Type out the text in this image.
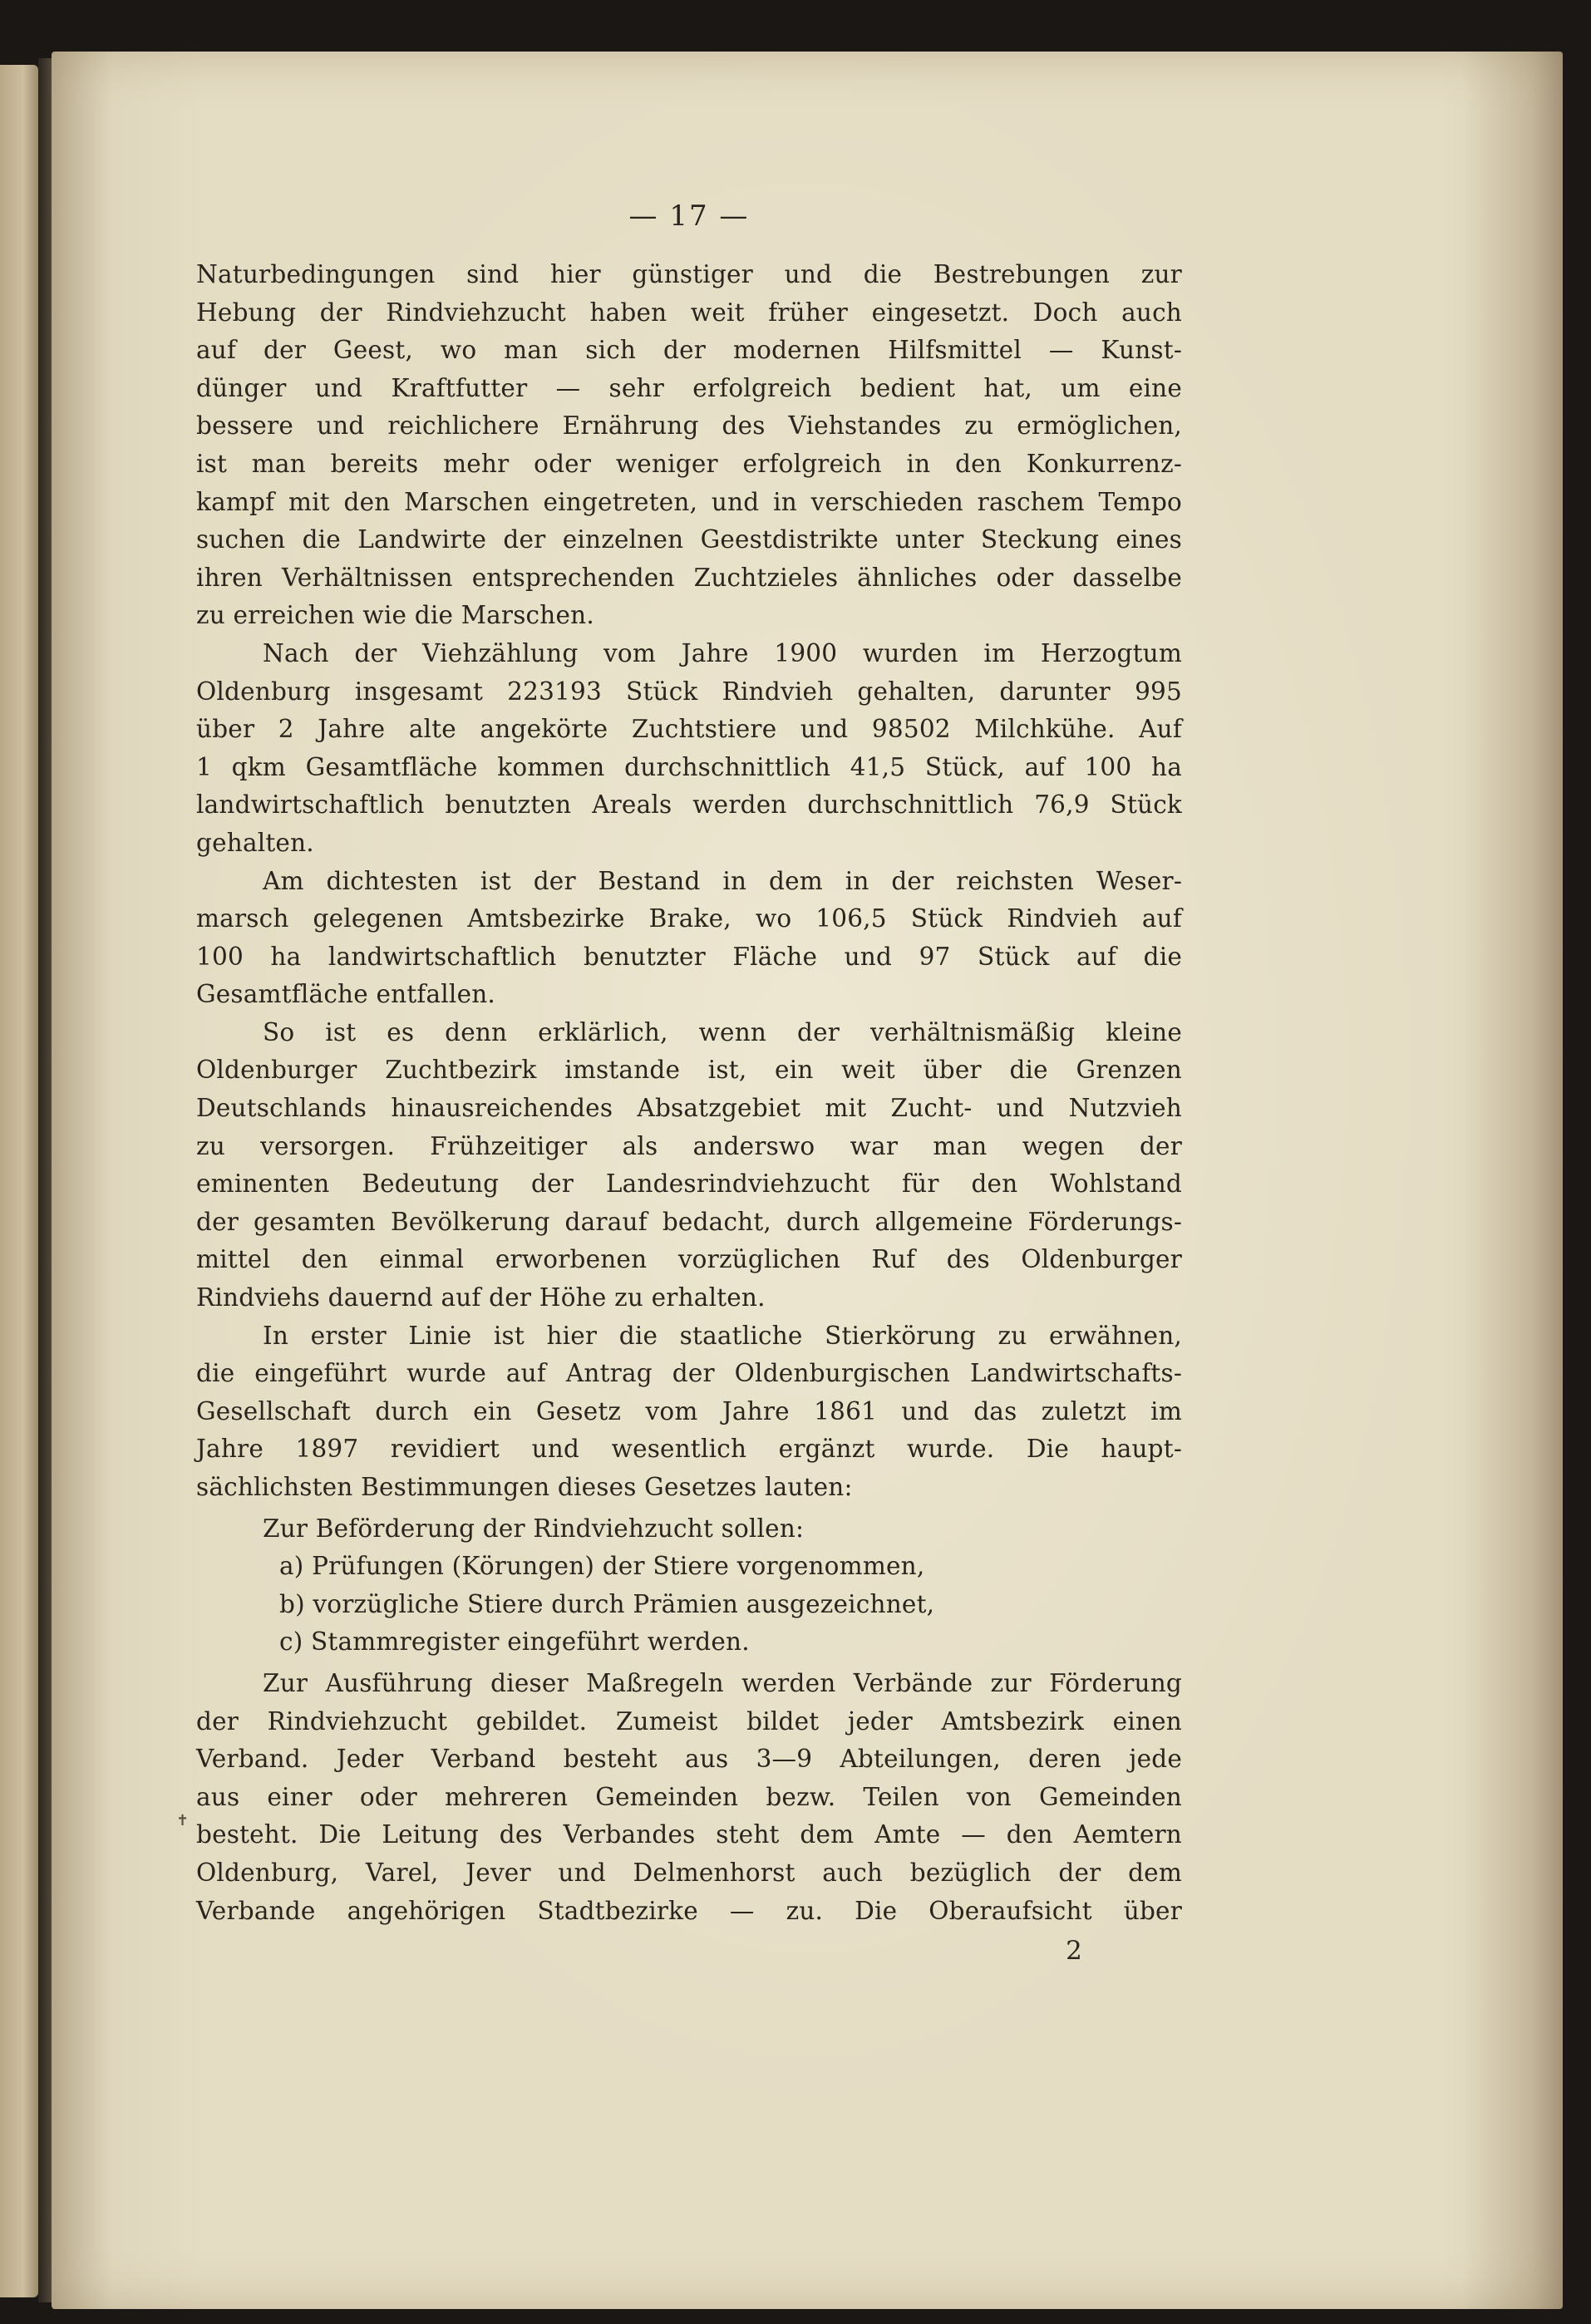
✝
— 17 —
Naturbedingungen sind hier günstiger und die Bestrebungen zur
Hebung der Rindviehzucht haben weit früher eingesetzt. Doch auch
auf der Geest, wo man sich der modernen Hilfsmittel — Kunst-
dünger und Kraftfutter — sehr erfolgreich bedient hat, um eine
bessere und reichlichere Ernährung des Viehstandes zu ermöglichen,
ist man bereits mehr oder weniger erfolgreich in den Konkurrenz-
kampf mit den Marschen eingetreten, und in verschieden raschem Tempo
suchen die Landwirte der einzelnen Geestdistrikte unter Steckung eines
ihren Verhältnissen entsprechenden Zuchtzieles ähnliches oder dasselbe
zu erreichen wie die Marschen.
Nach der Viehzählung vom Jahre 1900 wurden im Herzogtum
Oldenburg insgesamt 223193 Stück Rindvieh gehalten, darunter 995
über 2 Jahre alte angekörte Zuchtstiere und 98502 Milchkühe. Auf
1 qkm Gesamtfläche kommen durchschnittlich 41,5 Stück, auf 100 ha
landwirtschaftlich benutzten Areals werden durchschnittlich 76,9 Stück
gehalten.
Am dichtesten ist der Bestand in dem in der reichsten Weser-
marsch gelegenen Amtsbezirke Brake, wo 106,5 Stück Rindvieh auf
100 ha landwirtschaftlich benutzter Fläche und 97 Stück auf die
Gesamtfläche entfallen.
So ist es denn erklärlich, wenn der verhältnismäßig kleine
Oldenburger Zuchtbezirk imstande ist, ein weit über die Grenzen
Deutschlands hinausreichendes Absatzgebiet mit Zucht- und Nutzvieh
zu versorgen. Frühzeitiger als anderswo war man wegen der
eminenten Bedeutung der Landesrindviehzucht für den Wohlstand
der gesamten Bevölkerung darauf bedacht, durch allgemeine Förderungs-
mittel den einmal erworbenen vorzüglichen Ruf des Oldenburger
Rindviehs dauernd auf der Höhe zu erhalten.
In erster Linie ist hier die staatliche Stierkörung zu erwähnen,
die eingeführt wurde auf Antrag der Oldenburgischen Landwirtschafts-
Gesellschaft durch ein Gesetz vom Jahre 1861 und das zuletzt im
Jahre 1897 revidiert und wesentlich ergänzt wurde. Die haupt-
sächlichsten Bestimmungen dieses Gesetzes lauten:
Zur Beförderung der Rindviehzucht sollen:
a) Prüfungen (Körungen) der Stiere vorgenommen,
b) vorzügliche Stiere durch Prämien ausgezeichnet,
c) Stammregister eingeführt werden.
Zur Ausführung dieser Maßregeln werden Verbände zur Förderung
der Rindviehzucht gebildet. Zumeist bildet jeder Amtsbezirk einen
Verband. Jeder Verband besteht aus 3—9 Abteilungen, deren jede
aus einer oder mehreren Gemeinden bezw. Teilen von Gemeinden
besteht. Die Leitung des Verbandes steht dem Amte — den Aemtern
Oldenburg, Varel, Jever und Delmenhorst auch bezüglich der dem
Verbande angehörigen Stadtbezirke — zu. Die Oberaufsicht über
2
